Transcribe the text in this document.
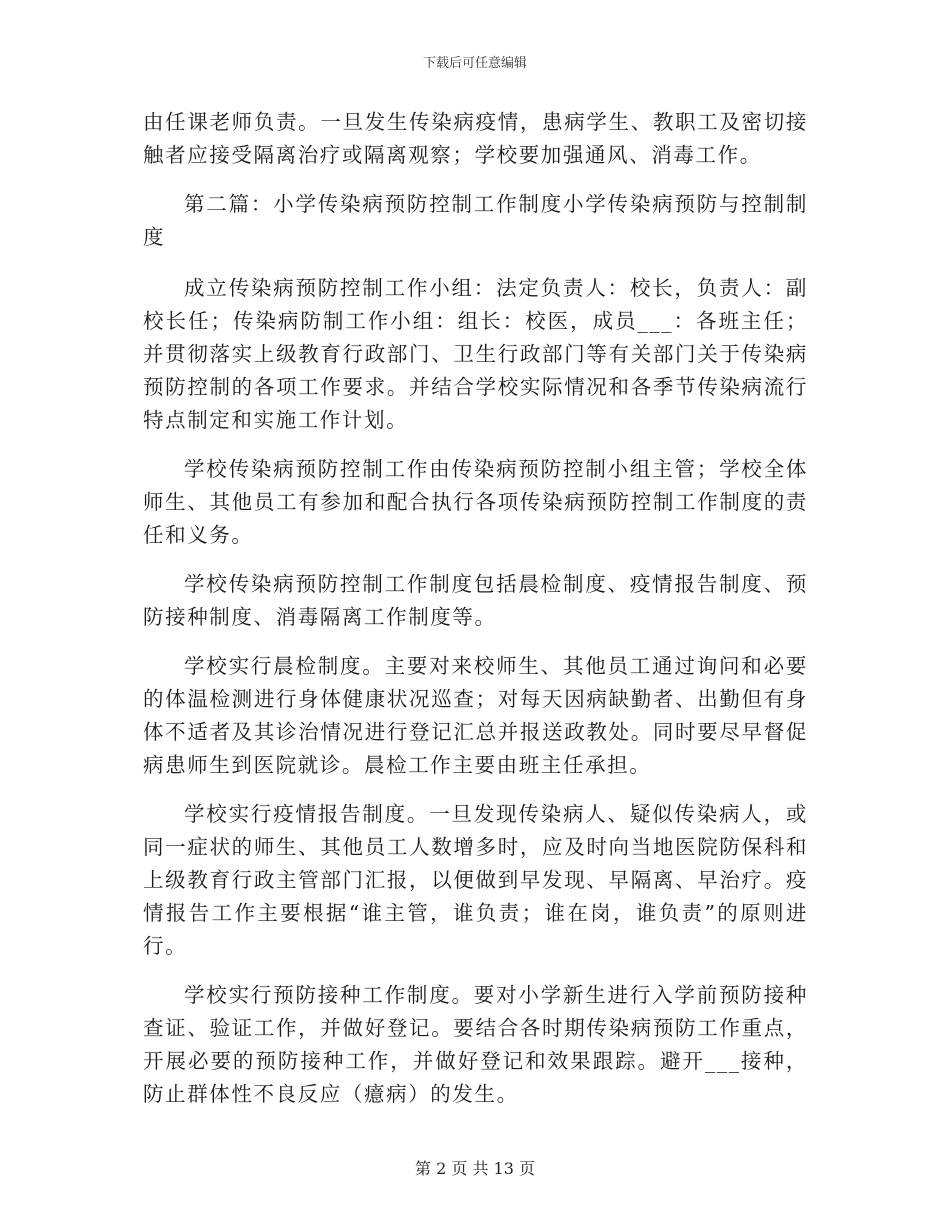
下载后可任意编辑

由任课老师负责。一旦发生传染病疫情，患病学生、教职工及密切接触者应接受隔离治疗或隔离观察；学校要加强通风、消毒工作。

第二篇：小学传染病预防控制工作制度小学传染病预防与控制制度

成立传染病预防控制工作小组：法定负责人：校长，负责人：副校长任；传染病防制工作小组：组长：校医，成员___：各班主任；并贯彻落实上级教育行政部门、卫生行政部门等有关部门关于传染病预防控制的各项工作要求。并结合学校实际情况和各季节传染病流行特点制定和实施工作计划。

学校传染病预防控制工作由传染病预防控制小组主管；学校全体师生、其他员工有参加和配合执行各项传染病预防控制工作制度的责任和义务。

学校传染病预防控制工作制度包括晨检制度、疫情报告制度、预防接种制度、消毒隔离工作制度等。

学校实行晨检制度。主要对来校师生、其他员工通过询问和必要的体温检测进行身体健康状况巡查；对每天因病缺勤者、出勤但有身体不适者及其诊治情况进行登记汇总并报送政教处。同时要尽早督促病患师生到医院就诊。晨检工作主要由班主任承担。

学校实行疫情报告制度。一旦发现传染病人、疑似传染病人，或同一症状的师生、其他员工人数增多时，应及时向当地医院防保科和上级教育行政主管部门汇报，以便做到早发现、早隔离、早治疗。疫情报告工作主要根据“谁主管，谁负责；谁在岗，谁负责”的原则进行。

学校实行预防接种工作制度。要对小学新生进行入学前预防接种查证、验证工作，并做好登记。要结合各时期传染病预防工作重点，开展必要的预防接种工作，并做好登记和效果跟踪。避开___接种，防止群体性不良反应（癔病）的发生。

第 2 页 共 13 页
